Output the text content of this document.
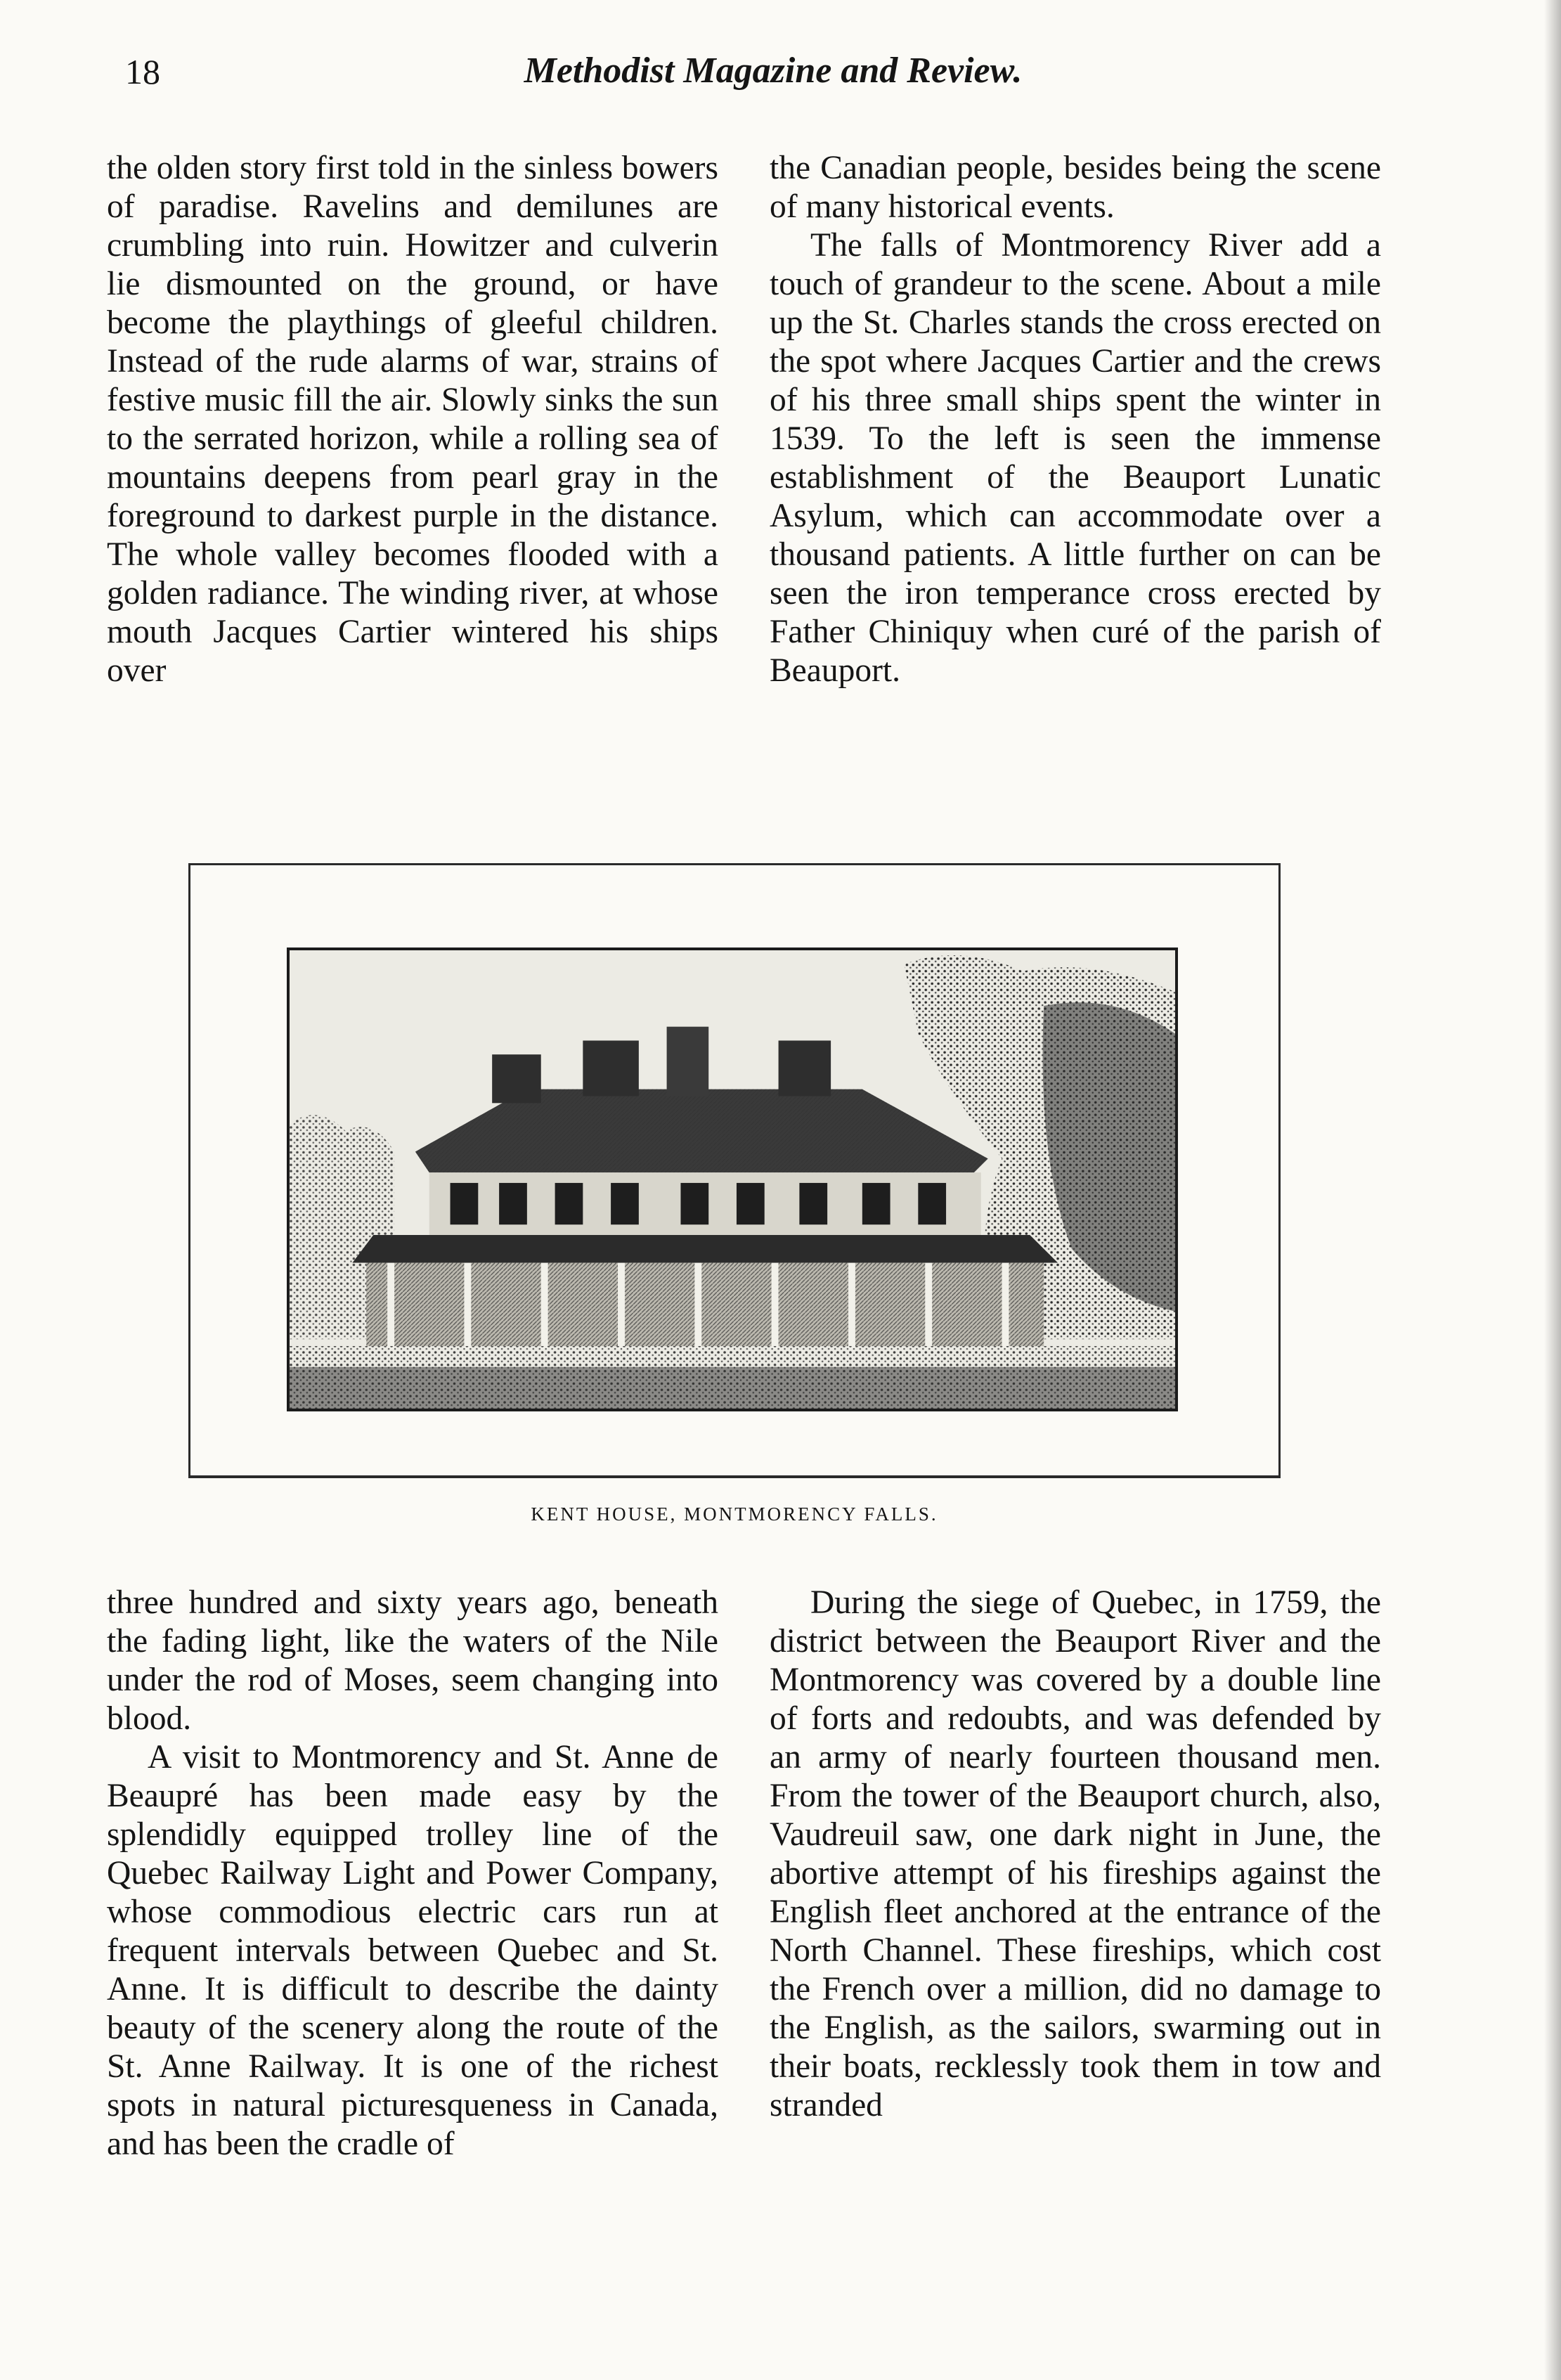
18	Methodist Magazine and Review.

the olden story first told in the sinless bowers of paradise. Ravelins and demilunes are crumbling into ruin. Howitzer and culverin lie dismounted on the ground, or have become the playthings of gleeful children. Instead of the rude alarms of war, strains of festive music fill the air. Slowly sinks the sun to the serrated horizon, while a rolling sea of mountains deepens from pearl gray in the foreground to darkest purple in the distance. The whole valley becomes flooded with a golden radiance. The winding river, at whose mouth Jacques Cartier wintered his ships over

the Canadian people, besides being the scene of many historical events.

The falls of Montmorency River add a touch of grandeur to the scene. About a mile up the St. Charles stands the cross erected on the spot where Jacques Cartier and the crews of his three small ships spent the winter in 1539. To the left is seen the immense establishment of the Beauport Lunatic Asylum, which can accommodate over a thousand patients. A little further on can be seen the iron temperance cross erected by Father Chiniquy when curé of the parish of Beauport.

KENT HOUSE, MONTMORENCY FALLS.

three hundred and sixty years ago, beneath the fading light, like the waters of the Nile under the rod of Moses, seem changing into blood.

A visit to Montmorency and St. Anne de Beaupré has been made easy by the splendidly equipped trolley line of the Quebec Railway Light and Power Company, whose commodious electric cars run at frequent intervals between Quebec and St. Anne. It is difficult to describe the dainty beauty of the scenery along the route of the St. Anne Railway. It is one of the richest spots in natural picturesqueness in Canada, and has been the cradle of

During the siege of Quebec, in 1759, the district between the Beauport River and the Montmorency was covered by a double line of forts and redoubts, and was defended by an army of nearly fourteen thousand men. From the tower of the Beauport church, also, Vaudreuil saw, one dark night in June, the abortive attempt of his fireships against the English fleet anchored at the entrance of the North Channel. These fireships, which cost the French over a million, did no damage to the English, as the sailors, swarming out in their boats, recklessly took them in tow and stranded
